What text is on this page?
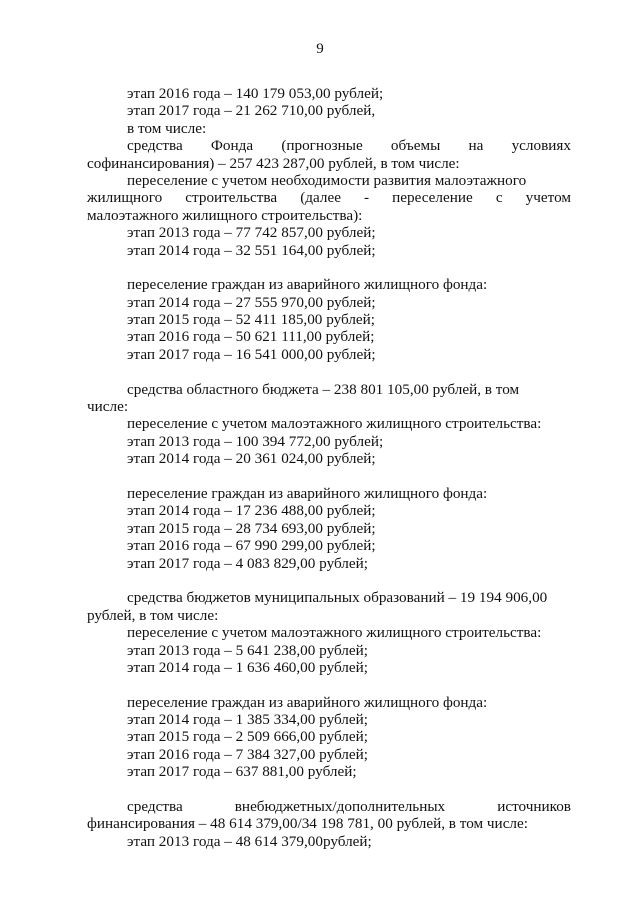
9
этап 2016 года – 140 179 053,00 рублей;
этап 2017 года – 21 262 710,00 рублей,
в том числе:
средства Фонда (прогнозные объемы на условиях
софинансирования) – 257 423 287,00 рублей, в том числе:
переселение с учетом необходимости развития малоэтажного
жилищного строительства (далее - переселение с учетом
малоэтажного жилищного строительства):
этап 2013 года – 77 742 857,00 рублей;
этап 2014 года – 32 551 164,00 рублей;
переселение граждан из аварийного жилищного фонда:
этап 2014 года – 27 555 970,00 рублей;
этап 2015 года – 52 411 185,00 рублей;
этап 2016 года – 50 621 111,00 рублей;
этап 2017 года – 16 541 000,00 рублей;
средства областного бюджета – 238 801 105,00 рублей, в том
числе:
переселение с учетом малоэтажного жилищного строительства:
этап 2013 года – 100 394 772,00 рублей;
этап 2014 года – 20 361 024,00 рублей;
переселение граждан из аварийного жилищного фонда:
этап 2014 года – 17 236 488,00 рублей;
этап 2015 года – 28 734 693,00 рублей;
этап 2016 года – 67 990 299,00 рублей;
этап 2017 года – 4 083 829,00 рублей;
средства бюджетов муниципальных образований – 19 194 906,00
рублей, в том числе:
переселение с учетом малоэтажного жилищного строительства:
этап 2013 года – 5 641 238,00 рублей;
этап 2014 года – 1 636 460,00 рублей;
переселение граждан из аварийного жилищного фонда:
этап 2014 года – 1 385 334,00 рублей;
этап 2015 года – 2 509 666,00 рублей;
этап 2016 года – 7 384 327,00 рублей;
этап 2017 года – 637 881,00 рублей;
средства	внебюджетных/дополнительных	источников
финансирования – 48 614 379,00/34 198 781, 00 рублей, в том числе:
этап 2013 года – 48 614 379,00рублей;
